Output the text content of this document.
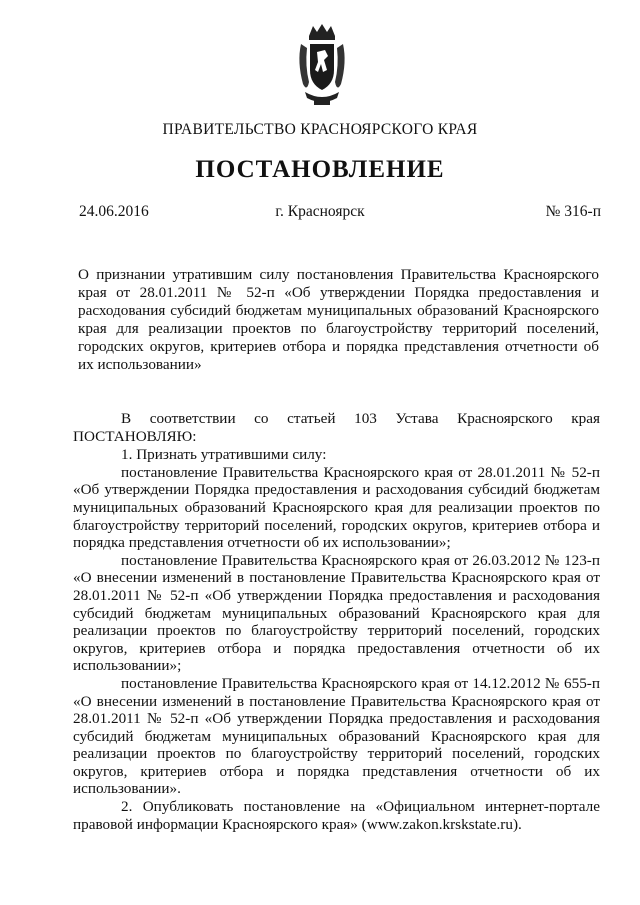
ПРАВИТЕЛЬСТВО КРАСНОЯРСКОГО КРАЯ
ПОСТАНОВЛЕНИЕ
24.06.2016	г. Красноярск	№ 316-п
О признании утратившим силу постановления Правительства Красноярского края от 28.01.2011 № 52-п «Об утверждении Порядка предоставления и расходования субсидий бюджетам муниципальных образований Красноярского края для реализации проектов по благоустройству территорий поселений, городских округов, критериев отбора и порядка представления отчетности об их использовании»
В соответствии со статьей 103 Устава Красноярского края
ПОСТАНОВЛЯЮ:
1. Признать утратившими силу:
постановление Правительства Красноярского края от 28.01.2011 № 52-п «Об утверждении Порядка предоставления и расходования субсидий бюджетам муниципальных образований Красноярского края для реализации проектов по благоустройству территорий поселений, городских округов, критериев отбора и порядка представления отчетности об их использовании»;
постановление Правительства Красноярского края от 26.03.2012 № 123-п «О внесении изменений в постановление Правительства Красноярского края от 28.01.2011 № 52-п «Об утверждении Порядка предоставления и расходования субсидий бюджетам муниципальных образований Красноярского края для реализации проектов по благоустройству территорий поселений, городских округов, критериев отбора и порядка предоставления отчетности об их использовании»;
постановление Правительства Красноярского края от 14.12.2012 № 655-п «О внесении изменений в постановление Правительства Красноярского края от 28.01.2011 № 52-п «Об утверждении Порядка предоставления и расходования субсидий бюджетам муниципальных образований Красноярского края для реализации проектов по благоустройству территорий поселений, городских округов, критериев отбора и порядка представления отчетности об их использовании».
2. Опубликовать постановление на «Официальном интернет-портале правовой информации Красноярского края» (www.zakon.krskstate.ru).
